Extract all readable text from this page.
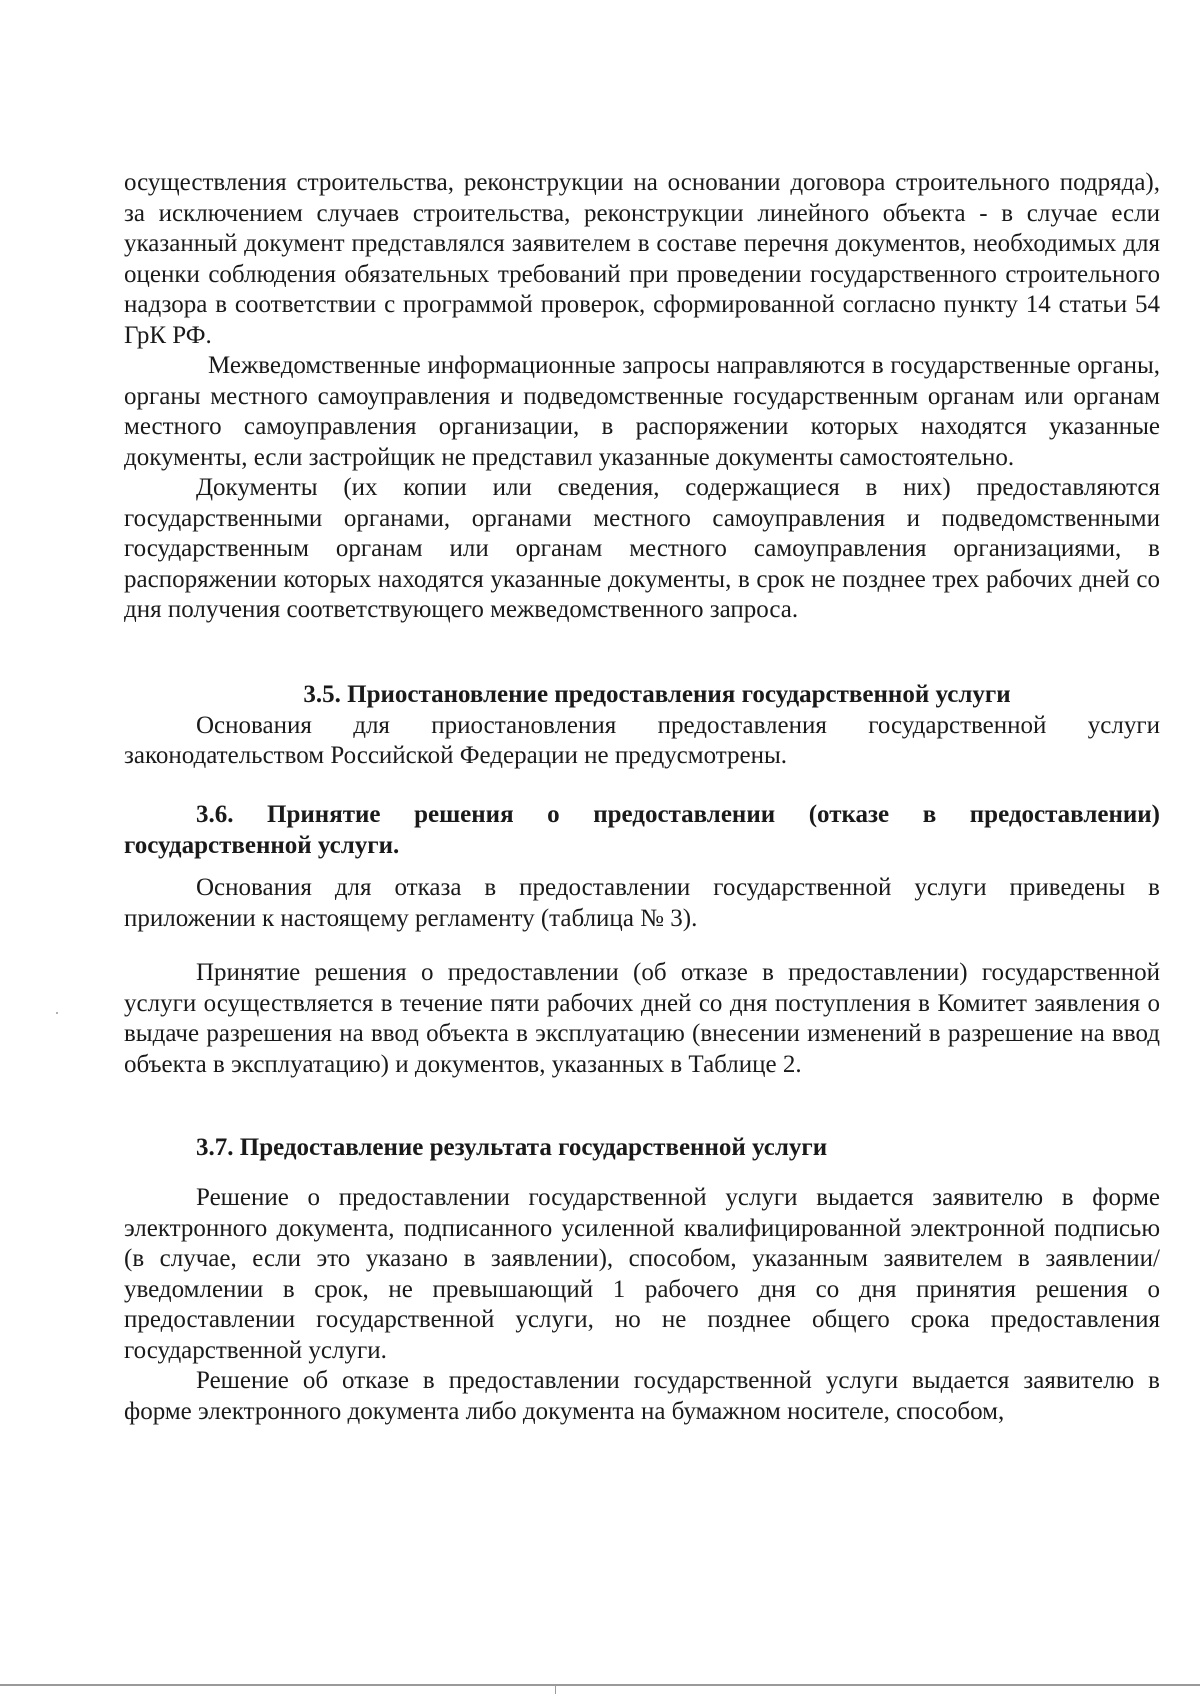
осуществления строительства, реконструкции на основании договора строительного подряда), за исключением случаев строительства, реконструкции линейного объекта - в случае если указанный документ представлялся заявителем в составе перечня документов, необходимых для оценки соблюдения обязательных требований при проведении государственного строительного надзора в соответствии с программой проверок, сформированной согласно пункту 14 статьи 54 ГрК РФ.

Межведомственные информационные запросы направляются в государственные органы, органы местного самоуправления и подведомственные государственным органам или органам местного самоуправления организации, в распоряжении которых находятся указанные документы, если застройщик не представил указанные документы самостоятельно.

Документы (их копии или сведения, содержащиеся в них) предоставляются государственными органами, органами местного самоуправления и подведомственными государственным органам или органам местного самоуправления организациями, в распоряжении которых находятся указанные документы, в срок не позднее трех рабочих дней со дня получения соответствующего межведомственного запроса.

3.5. Приостановление предоставления государственной услуги

Основания для приостановления предоставления государственной услуги законодательством Российской Федерации не предусмотрены.

3.6. Принятие решения о предоставлении (отказе в предоставлении) государственной услуги.

Основания для отказа в предоставлении государственной услуги приведены в приложении к настоящему регламенту (таблица № 3).

Принятие решения о предоставлении (об отказе в предоставлении) государственной услуги осуществляется в течение пяти рабочих дней со дня поступления в Комитет заявления о выдаче разрешения на ввод объекта в эксплуатацию (внесении изменений в разрешение на ввод объекта в эксплуатацию) и документов, указанных в Таблице 2.

3.7. Предоставление результата государственной услуги

Решение о предоставлении государственной услуги выдается заявителю в форме электронного документа, подписанного усиленной квалифицированной электронной подписью (в случае, если это указано в заявлении), способом, указанным заявителем в заявлении/уведомлении в срок, не превышающий 1 рабочего дня со дня принятия решения о предоставлении государственной услуги, но не позднее общего срока предоставления государственной услуги.

Решение об отказе в предоставлении государственной услуги выдается заявителю в форме электронного документа либо документа на бумажном носителе, способом,
